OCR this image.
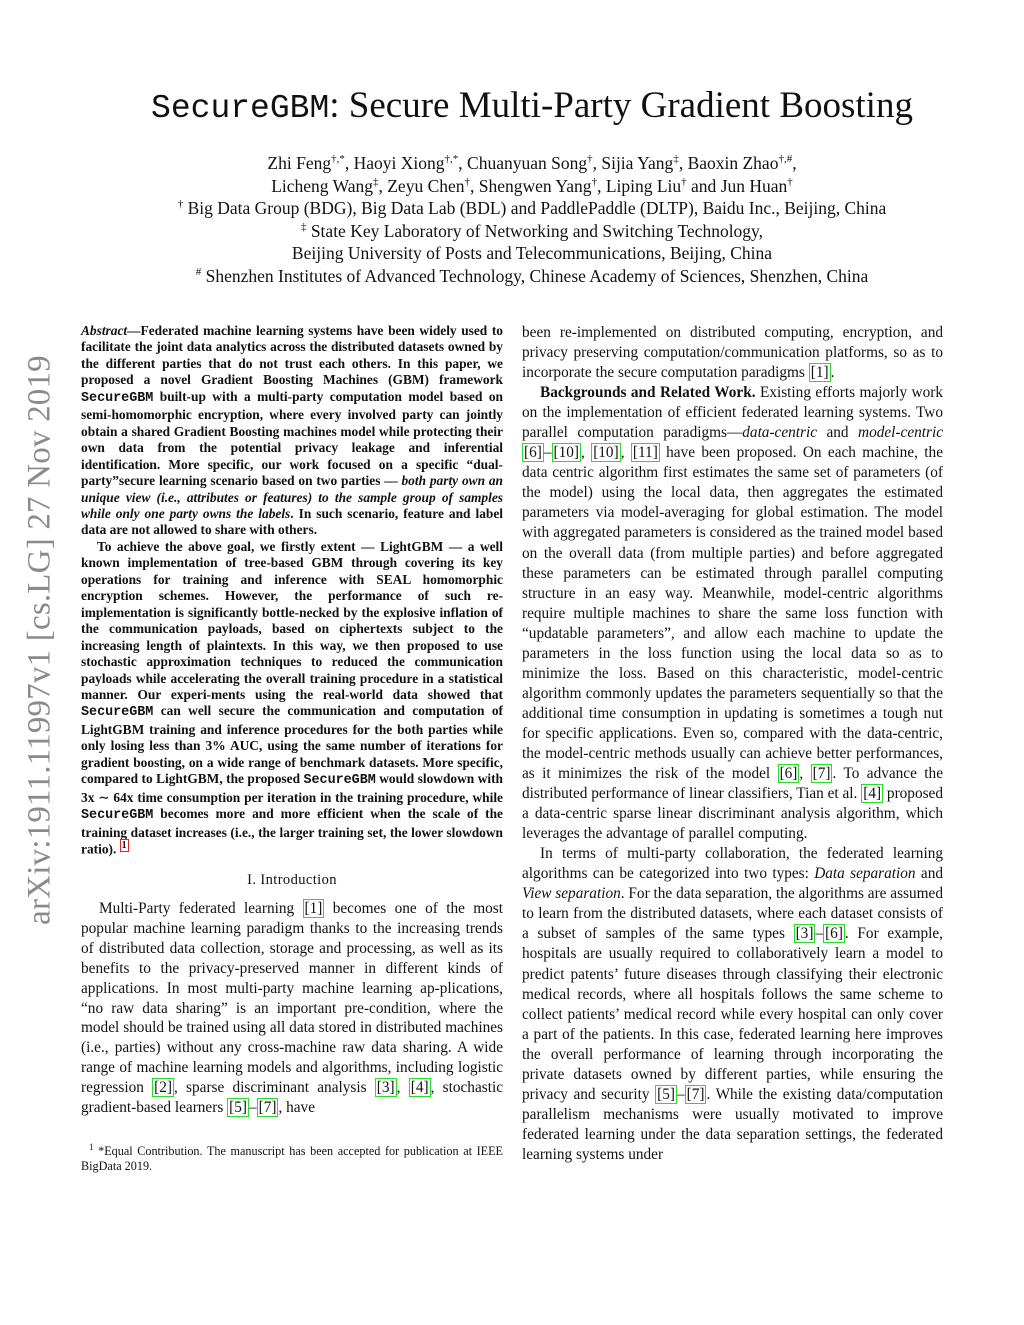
arXiv:1911.11997v1 [cs.LG] 27 Nov 2019
SecureGBM: Secure Multi-Party Gradient Boosting
Zhi Feng†,*, Haoyi Xiong†,*, Chuanyuan Song†, Sijia Yang‡, Baoxin Zhao†,#,
Licheng Wang‡, Zeyu Chen†, Shengwen Yang†, Liping Liu† and Jun Huan†
† Big Data Group (BDG), Big Data Lab (BDL) and PaddlePaddle (DLTP), Baidu Inc., Beijing, China
‡ State Key Laboratory of Networking and Switching Technology,
Beijing University of Posts and Telecommunications, Beijing, China
# Shenzhen Institutes of Advanced Technology, Chinese Academy of Sciences, Shenzhen, China

Abstract—Federated machine learning systems have been widely used to facilitate the joint data analytics across the distributed datasets owned by the different parties that do not trust each others. In this paper, we proposed a novel Gradient Boosting Machines (GBM) framework SecureGBM built-up with a multi-party computation model based on semi-homomorphic encryption, where every involved party can jointly obtain a shared Gradient Boosting machines model while protecting their own data from the potential privacy leakage and inferential identification. More specific, our work focused on a specific “dual-party”secure learning scenario based on two parties — both party own an unique view (i.e., attributes or features) to the sample group of samples while only one party owns the labels. In such scenario, feature and label data are not allowed to share with others.

To achieve the above goal, we firstly extent — LightGBM — a well known implementation of tree-based GBM through covering its key operations for training and inference with SEAL homomorphic encryption schemes. However, the performance of such re-implementation is significantly bottle-necked by the explosive inflation of the communication payloads, based on ciphertexts subject to the increasing length of plaintexts. In this way, we then proposed to use stochastic approximation techniques to reduced the communication payloads while accelerating the overall training procedure in a statistical manner. Our experi-ments using the real-world data showed that SecureGBM can well secure the communication and computation of LightGBM training and inference procedures for the both parties while only losing less than 3% AUC, using the same number of iterations for gradient boosting, on a wide range of benchmark datasets. More specific, compared to LightGBM, the proposed SecureGBM would slowdown with 3x ∼ 64x time consumption per iteration in the training procedure, while SecureGBM becomes more and more efficient when the scale of the training dataset increases (i.e., the larger training set, the lower slowdown ratio). $^1$

I. Introduction

Multi-Party federated learning [1] becomes one of the most popular machine learning paradigm thanks to the increasing trends of distributed data collection, storage and processing, as well as its benefits to the privacy-preserved manner in different kinds of applications. In most multi-party machine learning ap-plications, “no raw data sharing” is an important pre-condition, where the model should be trained using all data stored in distributed machines (i.e., parties) without any cross-machine raw data sharing. A wide range of machine learning models and algorithms, including logistic regression [2] , sparse discriminant analysis [3] , [4] , stochastic gradient-based learners [5] – [7] , have

$^1$ *Equal Contribution. The manuscript has been accepted for publication at IEEE BigData 2019.

been re-implemented on distributed computing, encryption, and privacy preserving computation/communication platforms, so as to incorporate the secure computation paradigms [1] .

Backgrounds and Related Work. Existing efforts majorly work on the implementation of efficient federated learning systems. Two parallel computation paradigms—data-centric and model-centric [6] – [10] , [10] , [11] have been proposed. On each machine, the data centric algorithm first estimates the same set of parameters (of the model) using the local data, then aggregates the estimated parameters via model-averaging for global estimation. The model with aggregated parameters is considered as the trained model based on the overall data (from multiple parties) and before aggregated these parameters can be estimated through parallel computing structure in an easy way. Meanwhile, model-centric algorithms require multiple machines to share the same loss function with “updatable parameters”, and allow each machine to update the parameters in the loss function using the local data so as to minimize the loss. Based on this characteristic, model-centric algorithm commonly updates the parameters sequentially so that the additional time consumption in updating is sometimes a tough nut for specific applications. Even so, compared with the data-centric, the model-centric methods usually can achieve better performances, as it minimizes the risk of the model [6] , [7] . To advance the distributed performance of linear classifiers, Tian et al. [4] proposed a data-centric sparse linear discriminant analysis algorithm, which leverages the advantage of parallel computing.

In terms of multi-party collaboration, the federated learning algorithms can be categorized into two types: Data separation and View separation. For the data separation, the algorithms are assumed to learn from the distributed datasets, where each dataset consists of a subset of samples of the same types [3] – [6] . For example, hospitals are usually required to collaboratively learn a model to predict patents’ future diseases through classifying their electronic medical records, where all hospitals follows the same scheme to collect patients’ medical record while every hospital can only cover a part of the patients. In this case, federated learning here improves the overall performance of learning through incorporating the private datasets owned by different parties, while ensuring the privacy and security [5] – [7] . While the existing data/computation parallelism mechanisms were usually motivated to improve federated learning under the data separation settings, the federated learning systems under
